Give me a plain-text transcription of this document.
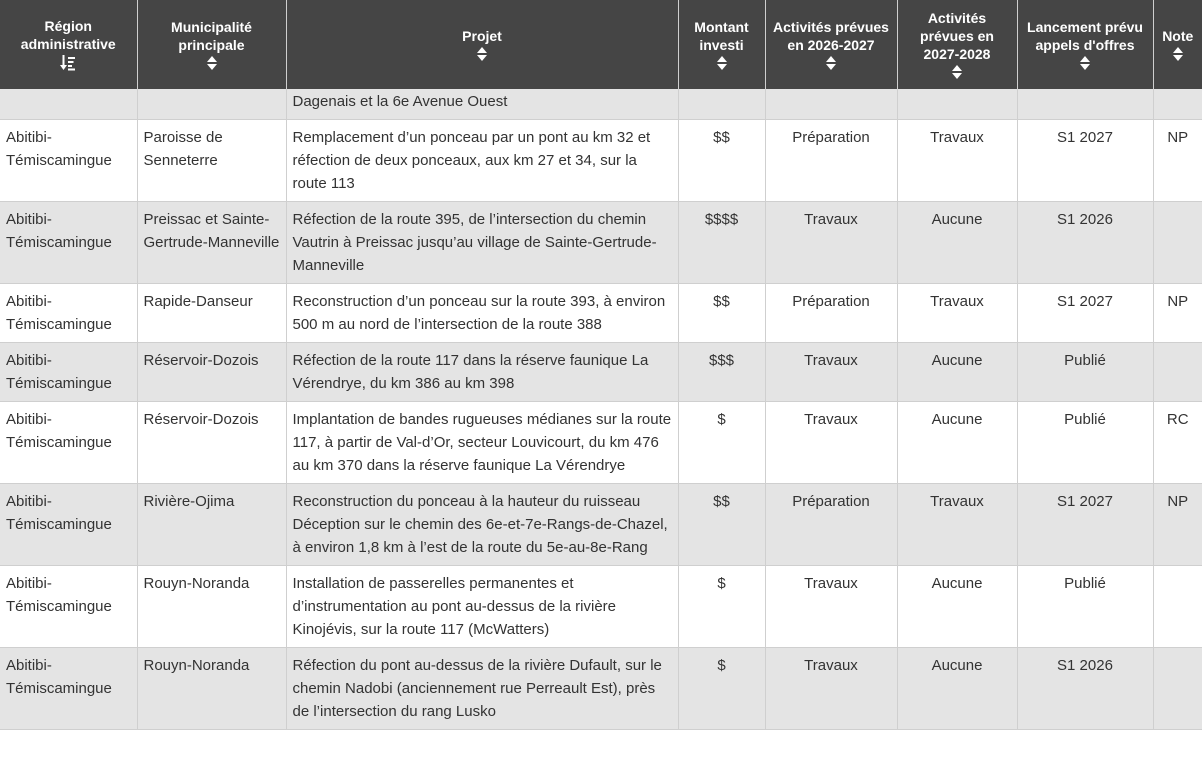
Région administrative	Municipalité principale	Projet	Montant investi	Activités prévues en 2026-2027	Activités prévues en 2027-2028	Lancement prévu appels d'offres	Note

		Dagenais et la 6e Avenue Ouest					
Abitibi-Témiscamingue	Paroisse de Senneterre	Remplacement d’un ponceau par un pont au km 32 et réfection de deux ponceaux, aux km 27 et 34, sur la route 113	$$	Préparation	Travaux	S1 2027	NP
Abitibi-Témiscamingue	Preissac et Sainte-Gertrude-Manneville	Réfection de la route 395, de l’intersection du chemin Vautrin à Preissac jusqu’au village de Sainte-Gertrude-Manneville	$$$$	Travaux	Aucune	S1 2026	
Abitibi-Témiscamingue	Rapide-Danseur	Reconstruction d’un ponceau sur la route 393, à environ 500 m au nord de l’intersection de la route 388	$$	Préparation	Travaux	S1 2027	NP
Abitibi-Témiscamingue	Réservoir-Dozois	Réfection de la route 117 dans la réserve faunique La Vérendrye, du km 386 au km 398	$$$	Travaux	Aucune	Publié	
Abitibi-Témiscamingue	Réservoir-Dozois	Implantation de bandes rugueuses médianes sur la route 117, à partir de Val-d’Or, secteur Louvicourt, du km 476 au km 370 dans la réserve faunique La Vérendrye	$	Travaux	Aucune	Publié	RC
Abitibi-Témiscamingue	Rivière-Ojima	Reconstruction du ponceau à la hauteur du ruisseau Déception sur le chemin des 6e-et-7e-Rangs-de-Chazel, à environ 1,8 km à l’est de la route du 5e-au-8e-Rang	$$	Préparation	Travaux	S1 2027	NP
Abitibi-Témiscamingue	Rouyn-Noranda	Installation de passerelles permanentes et d’instrumentation au pont au-dessus de la rivière Kinojévis, sur la route 117 (McWatters)	$	Travaux	Aucune	Publié	
Abitibi-Témiscamingue	Rouyn-Noranda	Réfection du pont au-dessus de la rivière Dufault, sur le chemin Nadobi (anciennement rue Perreault Est), près de l’intersection du rang Lusko	$	Travaux	Aucune	S1 2026	
